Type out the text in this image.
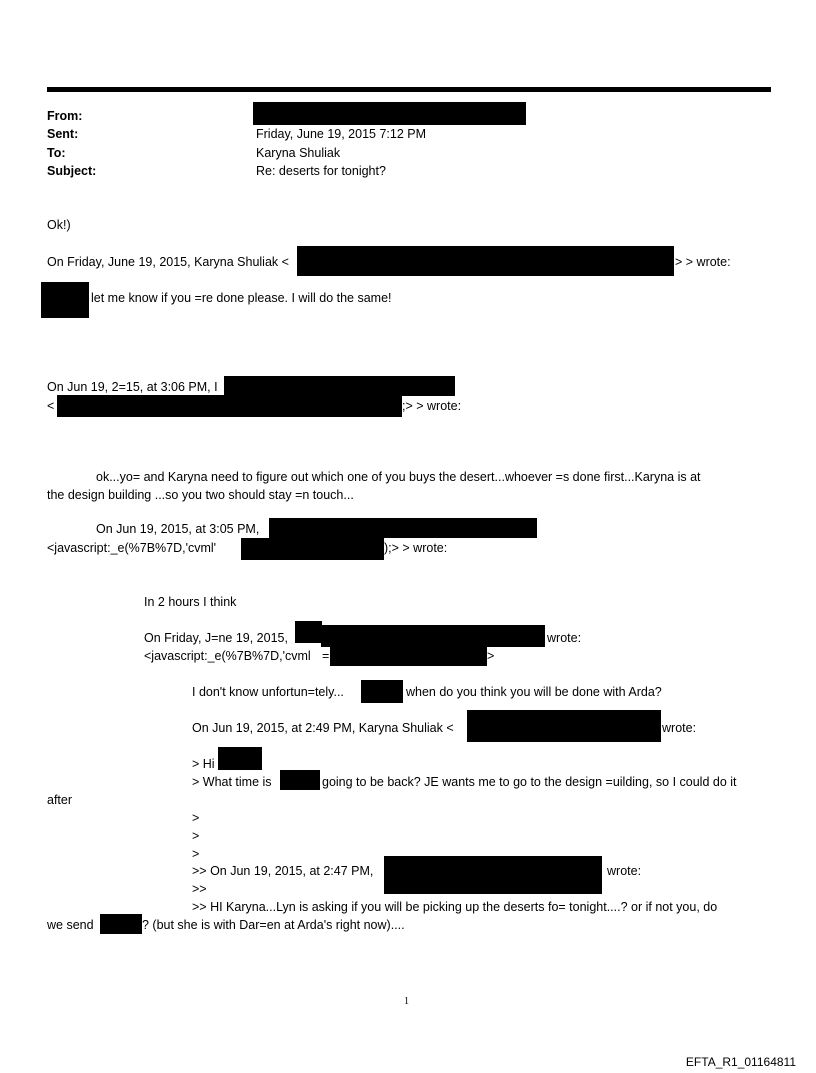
From:
Sent:	Friday, June 19, 2015 7:12 PM
To:	Karyna Shuliak
Subject:	Re: deserts for tonight?
Ok!)
On Friday, June 19, 2015, Karyna Shuliak <	> > wrote:
let me know if you =re done please. I will do the same!
On Jun 19, 2=15, at 3:06 PM, I
<	;> > wrote:
ok...yo= and Karyna need to figure out which one of you buys the desert...whoever =s done first...Karyna is at
the design building ...so you two should stay =n touch...
On Jun 19, 2015, at 3:05 PM,
<javascript:_e(%7B%7D,'cvml'	);> > wrote:
In 2 hours I think
On Friday, J=ne 19, 2015,	wrote:
<javascript:_e(%7B%7D,'cvml =	>
I don't know unfortun=tely...	when do you think you will be done with Arda?
On Jun 19, 2015, at 2:49 PM, Karyna Shuliak <	wrote:
> Hi
> What time is	going to be back? JE wants me to go to the design =uilding, so I could do it
after
>
>
>
>> On Jun 19, 2015, at 2:47 PM,	wrote:
>>
>> HI Karyna...Lyn is asking if you will be picking up the deserts fo= tonight....? or if not you, do
we send	? (but she is with Dar=en at Arda's right now)....
1
EFTA_R1_01164811
